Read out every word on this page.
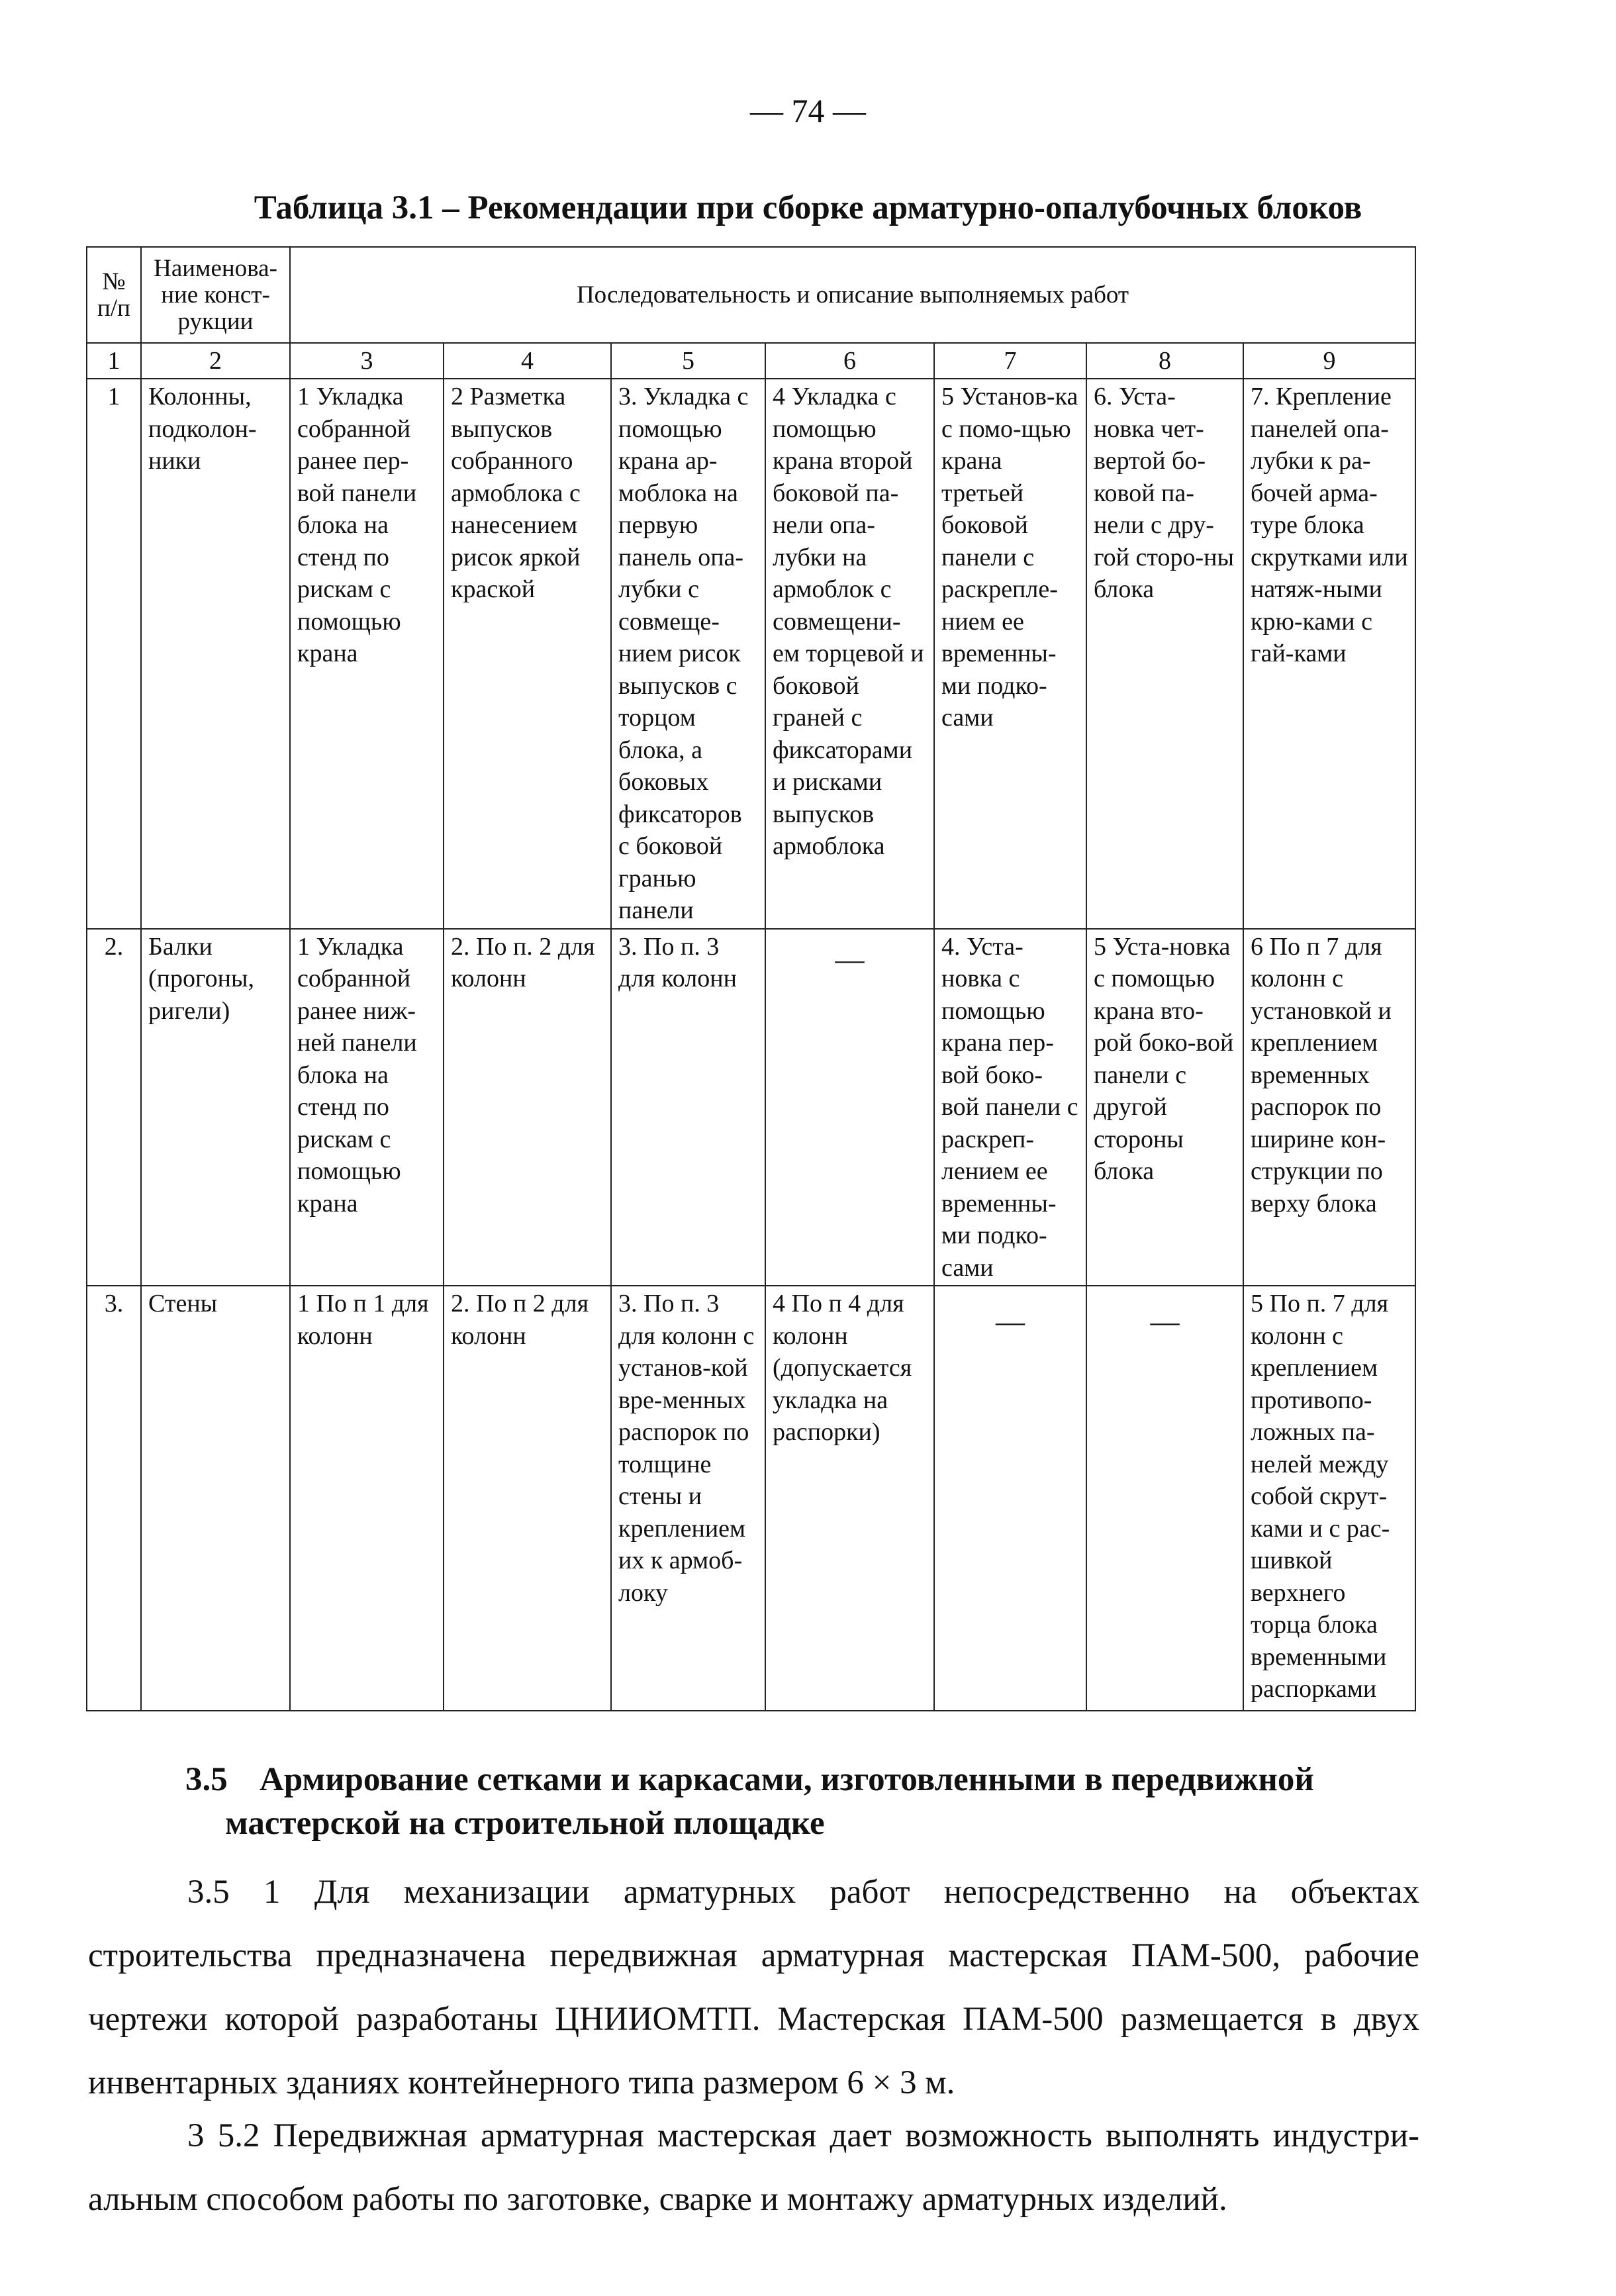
— 74 —
Таблица 3.1 – Рекомендации при сборке арматурно-опалубочных блоков
№ п/п	Наименова-ние конст-рукции	Последовательность и описание выполняемых работ						
1	2	3	4	5	6	7	8	9
1	Колонны, подколон-ники	1 Укладка собранной ранее пер-вой панели блока на стенд по рискам с помощью крана	2 Разметка выпусков собранного армоблока с нанесением рисок яркой краской	3. Укладка с помощью крана ар-моблока на первую панель опа-лубки с совмеще-нием рисок выпусков с торцом блока, а боковых фиксаторов с боковой гранью панели	4 Укладка с помощью крана второй боковой па-нели опа-лубки на армоблок с совмещени-ем торцевой и боковой граней с фиксаторами и рисками выпусков армоблока	5 Установ-ка с помо-щью крана третьей боковой панели с раскрепле-нием ее временны-ми подко-сами	6. Уста-новка чет-вертой бо-ковой па-нели с дру-гой сторо-ны блока	7. Крепление панелей опа-лубки к ра-бочей арма-туре блока скрутками или натяж-ными крю-ками с гай-ками
2.	Балки (прогоны, ригели)	1 Укладка собранной ранее ниж-ней панели блока на стенд по рискам с помощью крана	2. По п. 2 для колонн	3. По п. 3 для колонн	—	4. Уста-новка с помощью крана пер-вой боко-вой панели с раскреп-лением ее временны-ми подко-сами	5 Уста-новка с помощью крана вто-рой боко-вой панели с другой стороны блока	6 По п 7 для колонн с установкой и креплением временных распорок по ширине кон-струкции по верху блока
3.	Стены	1 По п 1 для колонн	2. По п 2 для колонн	3. По п. 3 для колонн с установ-кой вре-менных распорок по толщине стены и креплением их к армоб-локу	4 По п 4 для колонн (допускается укладка на распорки)	—	—	5 По п. 7 для колонн с креплением противопо-ложных па-нелей между собой скрут-ками и с рас-шивкой верхнего торца блока временными распорками
3.5 Армирование сетками и каркасами, изготовленными в передвижной мастерской на строительной площадке
3.5 1 Для механизации арматурных работ непосредственно на объектах строительства предназначена передвижная арматурная мастерская ПАМ-500, рабочие чертежи которой разработаны ЦНИИОМТП. Мастерская ПАМ-500 размещается в двух инвентарных зданиях контейнерного типа размером 6 × 3 м.
3 5.2 Передвижная арматурная мастерская дает возможность выполнять индустри-альным способом работы по заготовке, сварке и монтажу арматурных изделий.
